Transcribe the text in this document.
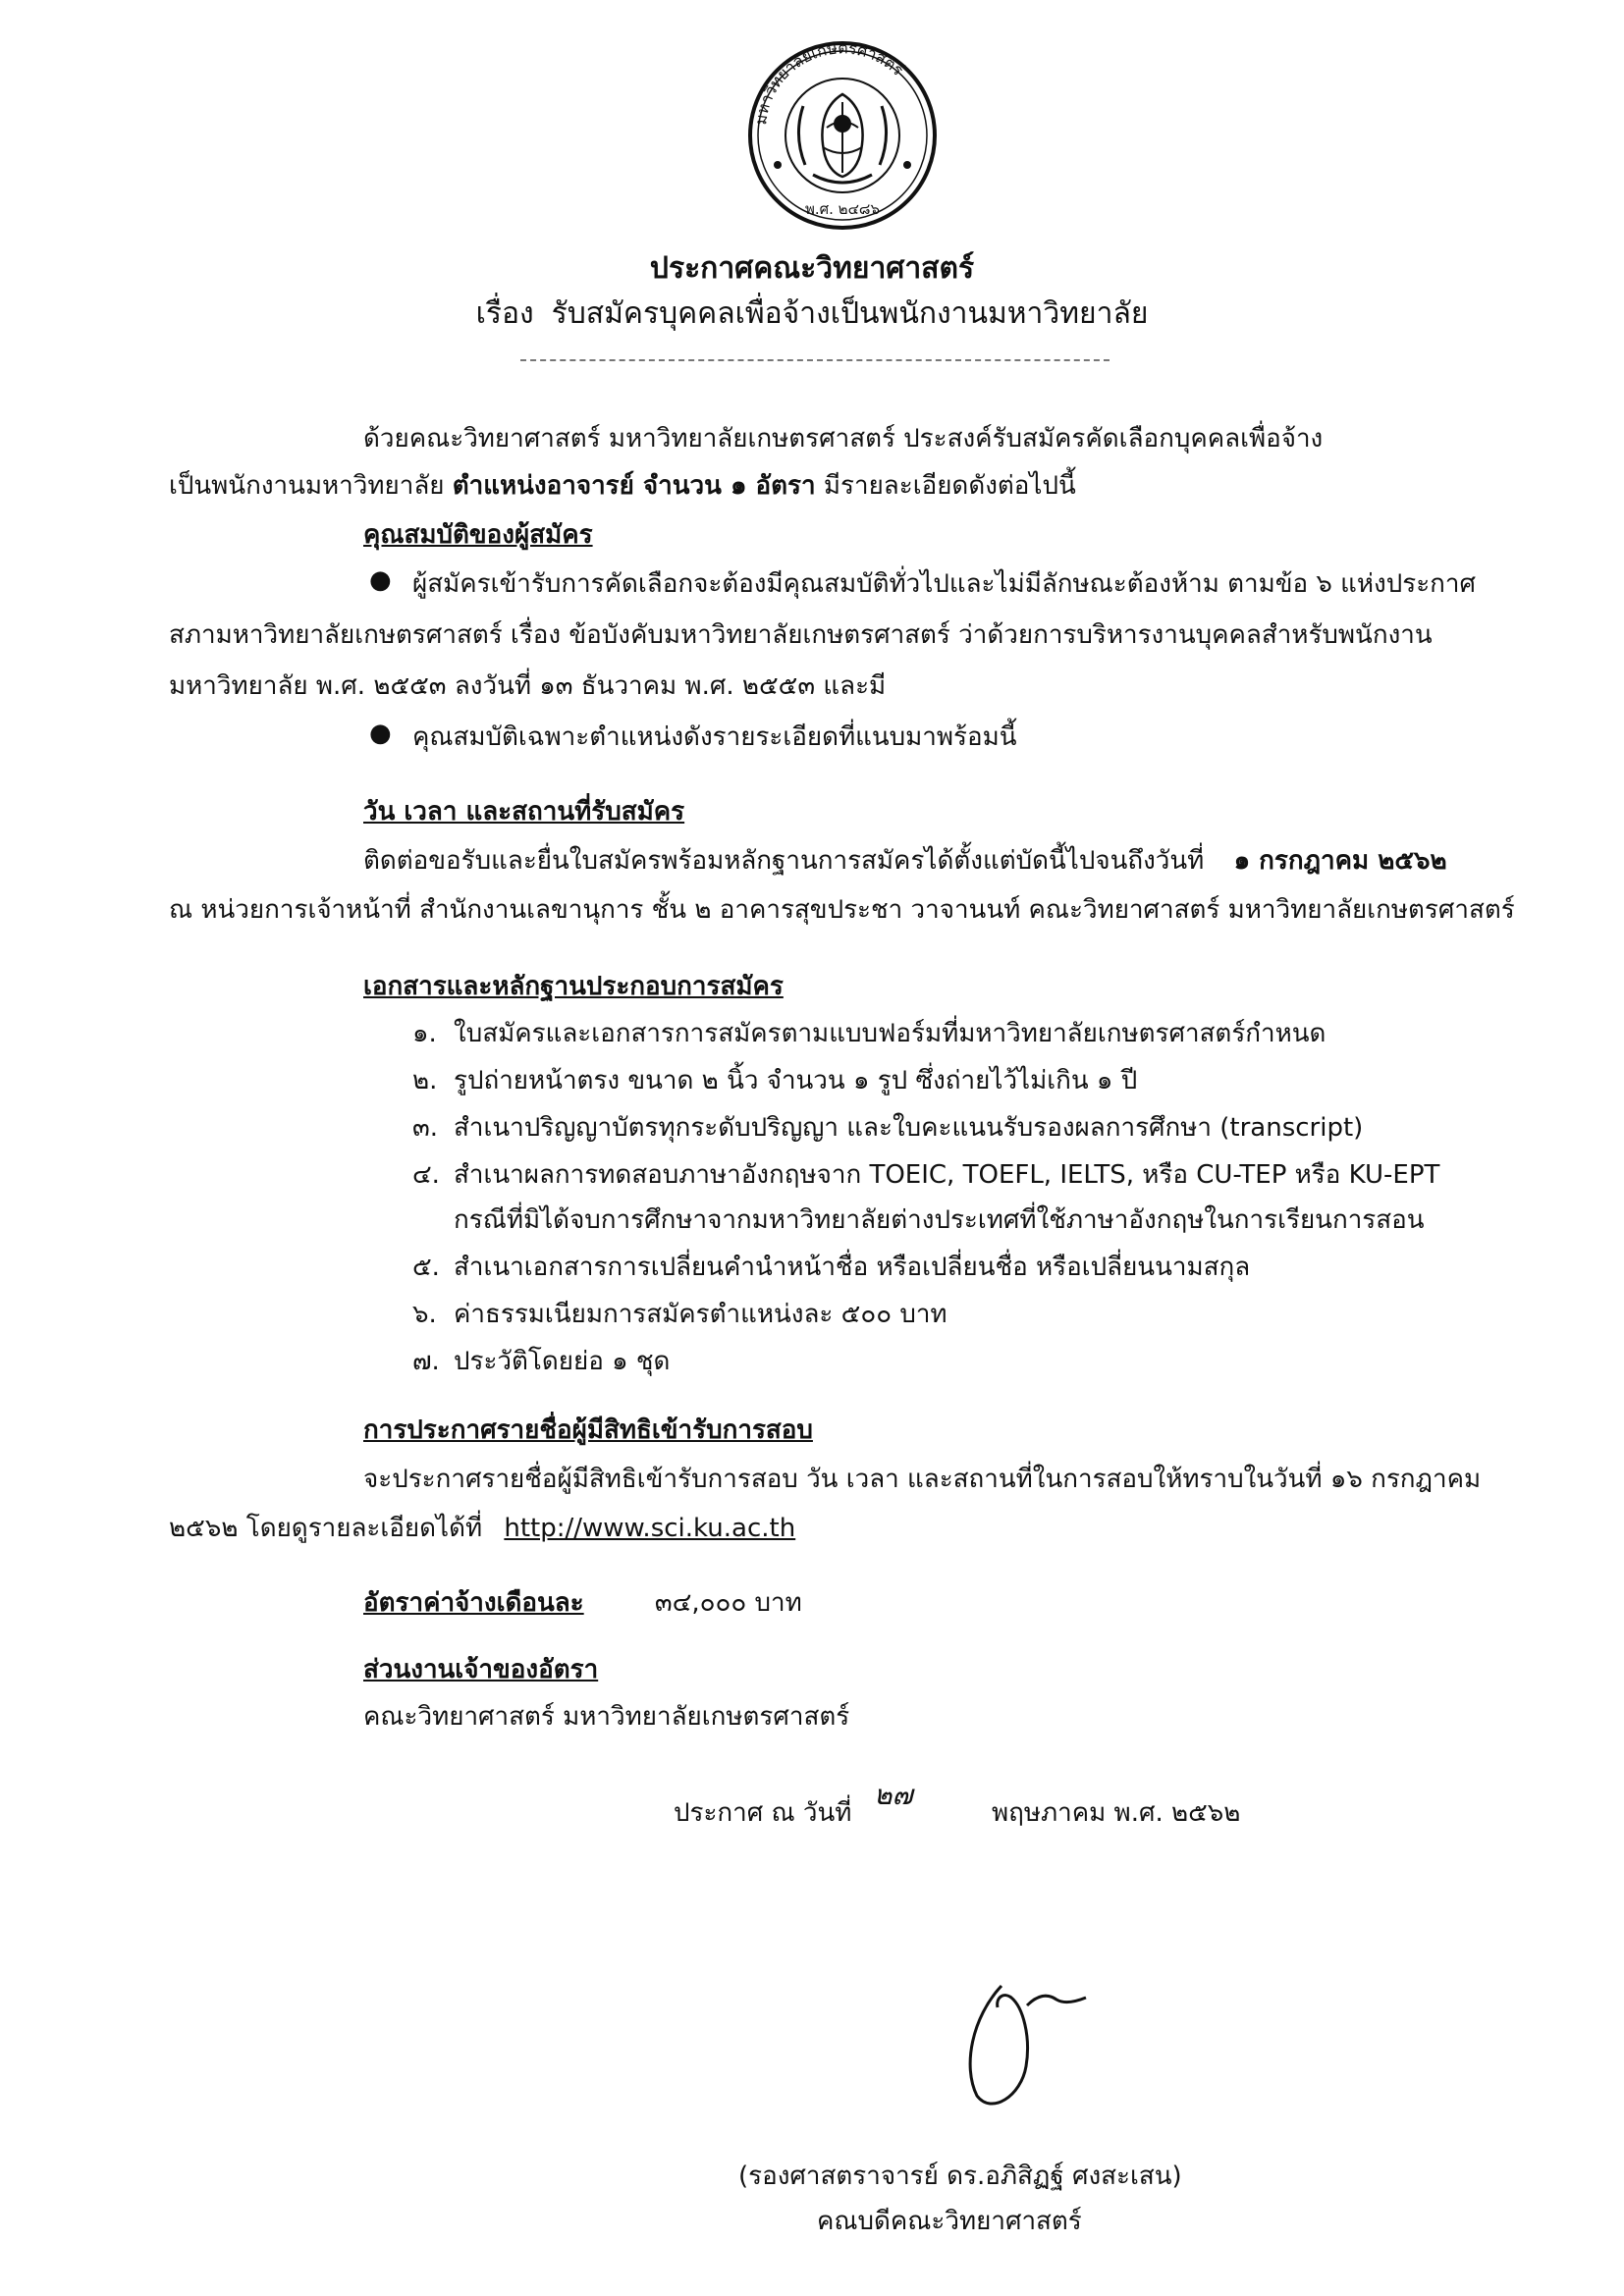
มหาวิทยาลัยเกษตรศาสตร์
พ.ศ. ๒๔๘๖
ประกาศคณะวิทยาศาสตร์
เรื่อง รับสมัครบุคคลเพื่อจ้างเป็นพนักงานมหาวิทยาลัย
ด้วยคณะวิทยาศาสตร์ มหาวิทยาลัยเกษตรศาสตร์ ประสงค์รับสมัครคัดเลือกบุคคลเพื่อจ้าง
เป็นพนักงานมหาวิทยาลัย ตำแหน่งอาจารย์ จำนวน ๑ อัตรา มีรายละเอียดดังต่อไปนี้
คุณสมบัติของผู้สมัคร
● ผู้สมัครเข้ารับการคัดเลือกจะต้องมีคุณสมบัติทั่วไปและไม่มีลักษณะต้องห้าม ตามข้อ ๖ แห่งประกาศ
สภามหาวิทยาลัยเกษตรศาสตร์ เรื่อง ข้อบังคับมหาวิทยาลัยเกษตรศาสตร์ ว่าด้วยการบริหารงานบุคคลสำหรับพนักงาน
มหาวิทยาลัย พ.ศ. ๒๕๕๓ ลงวันที่ ๑๓ ธันวาคม พ.ศ. ๒๕๕๓ และมี
● คุณสมบัติเฉพาะตำแหน่งดังรายระเอียดที่แนบมาพร้อมนี้
วัน เวลา และสถานที่รับสมัคร
ติดต่อขอรับและยื่นใบสมัครพร้อมหลักฐานการสมัครได้ตั้งแต่บัดนี้ไปจนถึงวันที่ ๑ กรกฎาคม ๒๕๖๒
ณ หน่วยการเจ้าหน้าที่ สำนักงานเลขานุการ ชั้น ๒ อาคารสุขประชา วาจานนท์ คณะวิทยาศาสตร์ มหาวิทยาลัยเกษตรศาสตร์
เอกสารและหลักฐานประกอบการสมัคร
๑. ใบสมัครและเอกสารการสมัครตามแบบฟอร์มที่มหาวิทยาลัยเกษตรศาสตร์กำหนด
๒. รูปถ่ายหน้าตรง ขนาด ๒ นิ้ว จำนวน ๑ รูป ซึ่งถ่ายไว้ไม่เกิน ๑ ปี
๓. สำเนาปริญญาบัตรทุกระดับปริญญา และใบคะแนนรับรองผลการศึกษา (transcript)
๔. สำเนาผลการทดสอบภาษาอังกฤษจาก TOEIC, TOEFL, IELTS, หรือ CU-TEP หรือ KU-EPT
กรณีที่มิได้จบการศึกษาจากมหาวิทยาลัยต่างประเทศที่ใช้ภาษาอังกฤษในการเรียนการสอน
๕. สำเนาเอกสารการเปลี่ยนคำนำหน้าชื่อ หรือเปลี่ยนชื่อ หรือเปลี่ยนนามสกุล
๖. ค่าธรรมเนียมการสมัครตำแหน่งละ ๕๐๐ บาท
๗. ประวัติโดยย่อ ๑ ชุด
การประกาศรายชื่อผู้มีสิทธิเข้ารับการสอบ
จะประกาศรายชื่อผู้มีสิทธิเข้ารับการสอบ วัน เวลา และสถานที่ในการสอบให้ทราบในวันที่ ๑๖ กรกฎาคม
๒๕๖๒ โดยดูรายละเอียดได้ที่ http://www.sci.ku.ac.th
อัตราค่าจ้างเดือนละ	๓๔,๐๐๐ บาท
ส่วนงานเจ้าของอัตรา
คณะวิทยาศาสตร์ มหาวิทยาลัยเกษตรศาสตร์
ประกาศ ณ วันที่
๒๗
พฤษภาคม พ.ศ. ๒๕๖๒
(รองศาสตราจารย์ ดร.อภิสิฏฐ์ ศงสะเสน)
คณบดีคณะวิทยาศาสตร์
